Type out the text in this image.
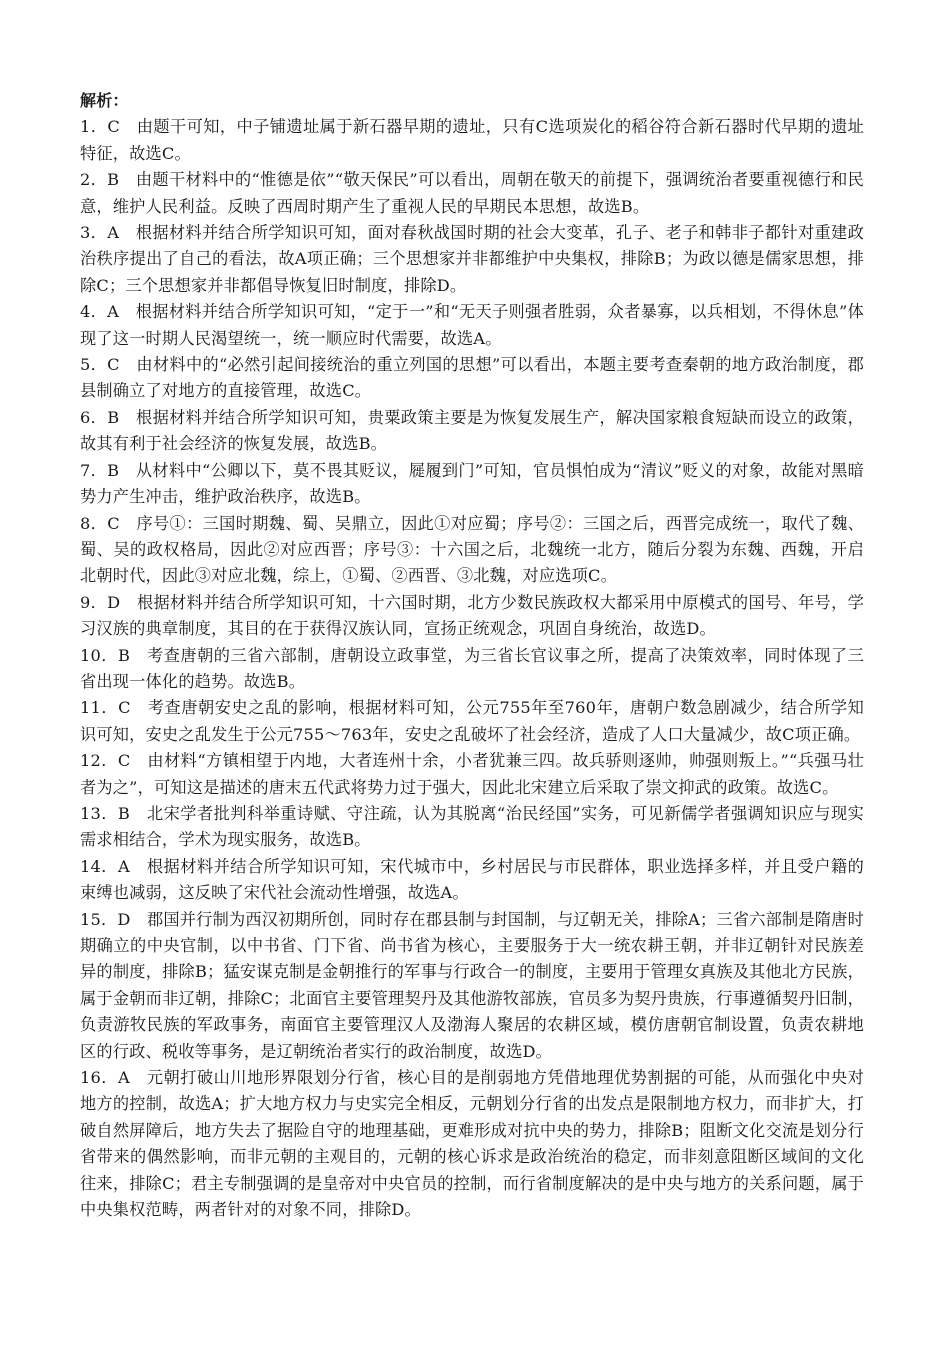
解析：
1．C　由题干可知，中子铺遗址属于新石器早期的遗址，只有C选项炭化的稻谷符合新石器时代早期的遗址特征，故选C。
2．B　由题干材料中的“惟德是依”“敬天保民”可以看出，周朝在敬天的前提下，强调统治者要重视德行和民意，维护人民利益。反映了西周时期产生了重视人民的早期民本思想，故选B。
3．A　根据材料并结合所学知识可知，面对春秋战国时期的社会大变革，孔子、老子和韩非子都针对重建政治秩序提出了自己的看法，故A项正确；三个思想家并非都维护中央集权，排除B；为政以德是儒家思想，排除C；三个思想家并非都倡导恢复旧时制度，排除D。
4．A　根据材料并结合所学知识可知，“定于一”和“无天子则强者胜弱，众者暴寡，以兵相划，不得休息”体现了这一时期人民渴望统一，统一顺应时代需要，故选A。
5．C　由材料中的“必然引起间接统治的重立列国的思想”可以看出，本题主要考查秦朝的地方政治制度，郡县制确立了对地方的直接管理，故选C。
6．B　根据材料并结合所学知识可知，贵粟政策主要是为恢复发展生产，解决国家粮食短缺而设立的政策，故其有利于社会经济的恢复发展，故选B。
7．B　从材料中“公卿以下，莫不畏其贬议，屣履到门”可知，官员惧怕成为“清议”贬义的对象，故能对黑暗势力产生冲击，维护政治秩序，故选B。
8．C　序号①：三国时期魏、蜀、吴鼎立，因此①对应蜀；序号②：三国之后，西晋完成统一，取代了魏、蜀、吴的政权格局，因此②对应西晋；序号③：十六国之后，北魏统一北方，随后分裂为东魏、西魏，开启北朝时代，因此③对应北魏，综上，①蜀、②西晋、③北魏，对应选项C。
9．D　根据材料并结合所学知识可知，十六国时期，北方少数民族政权大都采用中原模式的国号、年号，学习汉族的典章制度，其目的在于获得汉族认同，宣扬正统观念，巩固自身统治，故选D。
10．B　考查唐朝的三省六部制，唐朝设立政事堂，为三省长官议事之所，提高了决策效率，同时体现了三省出现一体化的趋势。故选B。
11．C　考查唐朝安史之乱的影响，根据材料可知，公元755年至760年，唐朝户数急剧减少，结合所学知识可知，安史之乱发生于公元755～763年，安史之乱破坏了社会经济，造成了人口大量减少，故C项正确。
12．C　由材料“方镇相望于内地，大者连州十余，小者犹兼三四。故兵骄则逐帅，帅强则叛上。”“兵强马壮者为之”，可知这是描述的唐末五代武将势力过于强大，因此北宋建立后采取了崇文抑武的政策。故选C。
13．B　北宋学者批判科举重诗赋、守注疏，认为其脱离“治民经国”实务，可见新儒学者强调知识应与现实需求相结合，学术为现实服务，故选B。
14．A　根据材料并结合所学知识可知，宋代城市中，乡村居民与市民群体，职业选择多样，并且受户籍的束缚也减弱，这反映了宋代社会流动性增强，故选A。
15．D　郡国并行制为西汉初期所创，同时存在郡县制与封国制，与辽朝无关，排除A；三省六部制是隋唐时期确立的中央官制，以中书省、门下省、尚书省为核心，主要服务于大一统农耕王朝，并非辽朝针对民族差异的制度，排除B；猛安谋克制是金朝推行的军事与行政合一的制度，主要用于管理女真族及其他北方民族，属于金朝而非辽朝，排除C；北面官主要管理契丹及其他游牧部族，官员多为契丹贵族，行事遵循契丹旧制，负责游牧民族的军政事务，南面官主要管理汉人及渤海人聚居的农耕区域，模仿唐朝官制设置，负责农耕地区的行政、税收等事务，是辽朝统治者实行的政治制度，故选D。
16．A　元朝打破山川地形界限划分行省，核心目的是削弱地方凭借地理优势割据的可能，从而强化中央对地方的控制，故选A；扩大地方权力与史实完全相反，元朝划分行省的出发点是限制地方权力，而非扩大，打破自然屏障后，地方失去了据险自守的地理基础，更难形成对抗中央的势力，排除B；阻断文化交流是划分行省带来的偶然影响，而非元朝的主观目的，元朝的核心诉求是政治统治的稳定，而非刻意阻断区域间的文化往来，排除C；君主专制强调的是皇帝对中央官员的控制，而行省制度解决的是中央与地方的关系问题，属于中央集权范畴，两者针对的对象不同，排除D。
